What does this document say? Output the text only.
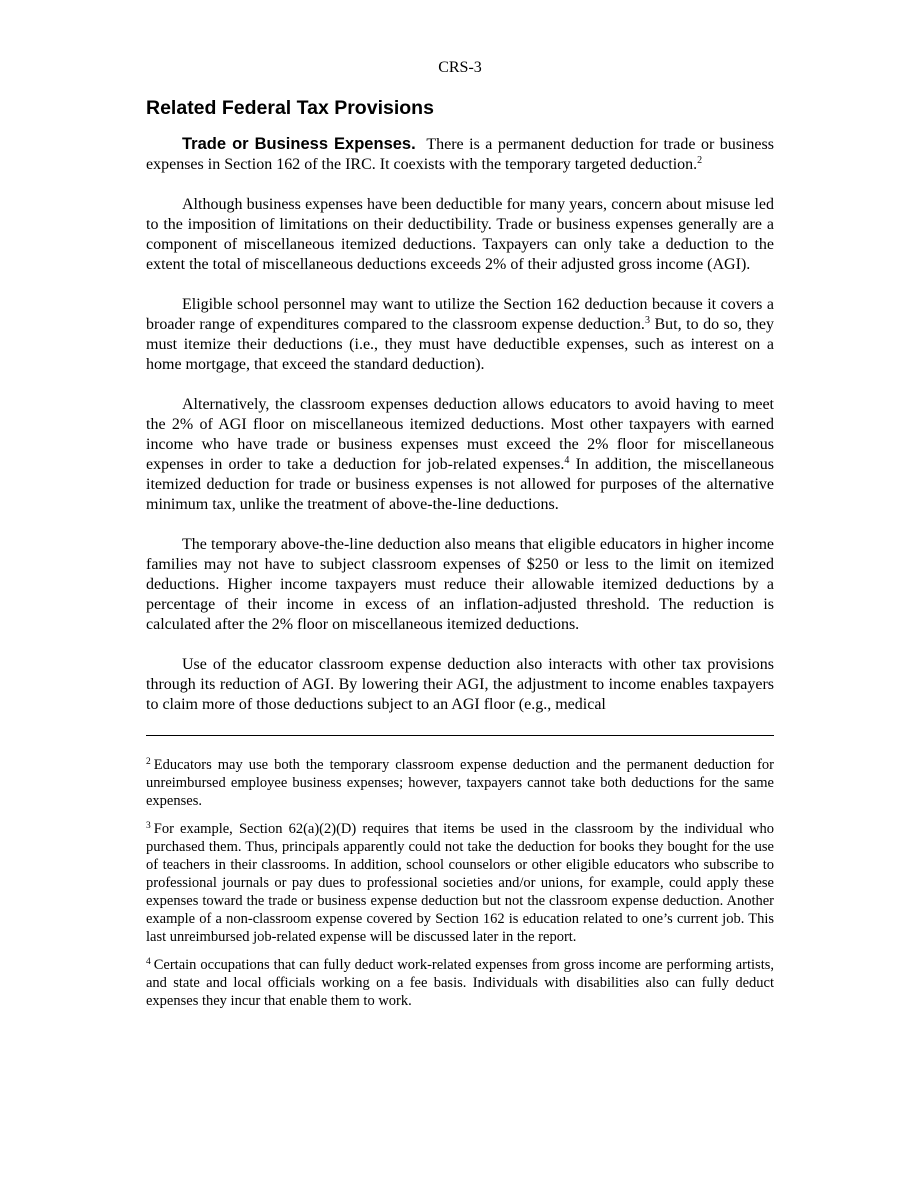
CRS-3
Related Federal Tax Provisions

Trade or Business Expenses. There is a permanent deduction for trade or business expenses in Section 162 of the IRC. It coexists with the temporary targeted deduction.$^2$

Although business expenses have been deductible for many years, concern about misuse led to the imposition of limitations on their deductibility. Trade or business expenses generally are a component of miscellaneous itemized deductions. Taxpayers can only take a deduction to the extent the total of miscellaneous deductions exceeds 2% of their adjusted gross income (AGI).

Eligible school personnel may want to utilize the Section 162 deduction because it covers a broader range of expenditures compared to the classroom expense deduction.$^3$ But, to do so, they must itemize their deductions (i.e., they must have deductible expenses, such as interest on a home mortgage, that exceed the standard deduction).

Alternatively, the classroom expenses deduction allows educators to avoid having to meet the 2% of AGI floor on miscellaneous itemized deductions. Most other taxpayers with earned income who have trade or business expenses must exceed the 2% floor for miscellaneous expenses in order to take a deduction for job-related expenses.$^4$ In addition, the miscellaneous itemized deduction for trade or business expenses is not allowed for purposes of the alternative minimum tax, unlike the treatment of above-the-line deductions.

The temporary above-the-line deduction also means that eligible educators in higher income families may not have to subject classroom expenses of $250 or less to the limit on itemized deductions. Higher income taxpayers must reduce their allowable itemized deductions by a percentage of their income in excess of an inflation-adjusted threshold. The reduction is calculated after the 2% floor on miscellaneous itemized deductions.

Use of the educator classroom expense deduction also interacts with other tax provisions through its reduction of AGI. By lowering their AGI, the adjustment to income enables taxpayers to claim more of those deductions subject to an AGI floor (e.g., medical

$^2$ Educators may use both the temporary classroom expense deduction and the permanent deduction for unreimbursed employee business expenses; however, taxpayers cannot take both deductions for the same expenses.

$^3$ For example, Section 62(a)(2)(D) requires that items be used in the classroom by the individual who purchased them. Thus, principals apparently could not take the deduction for books they bought for the use of teachers in their classrooms. In addition, school counselors or other eligible educators who subscribe to professional journals or pay dues to professional societies and/or unions, for example, could apply these expenses toward the trade or business expense deduction but not the classroom expense deduction. Another example of a non-classroom expense covered by Section 162 is education related to one’s current job. This last unreimbursed job-related expense will be discussed later in the report.

$^4$ Certain occupations that can fully deduct work-related expenses from gross income are performing artists, and state and local officials working on a fee basis. Individuals with disabilities also can fully deduct expenses they incur that enable them to work.
